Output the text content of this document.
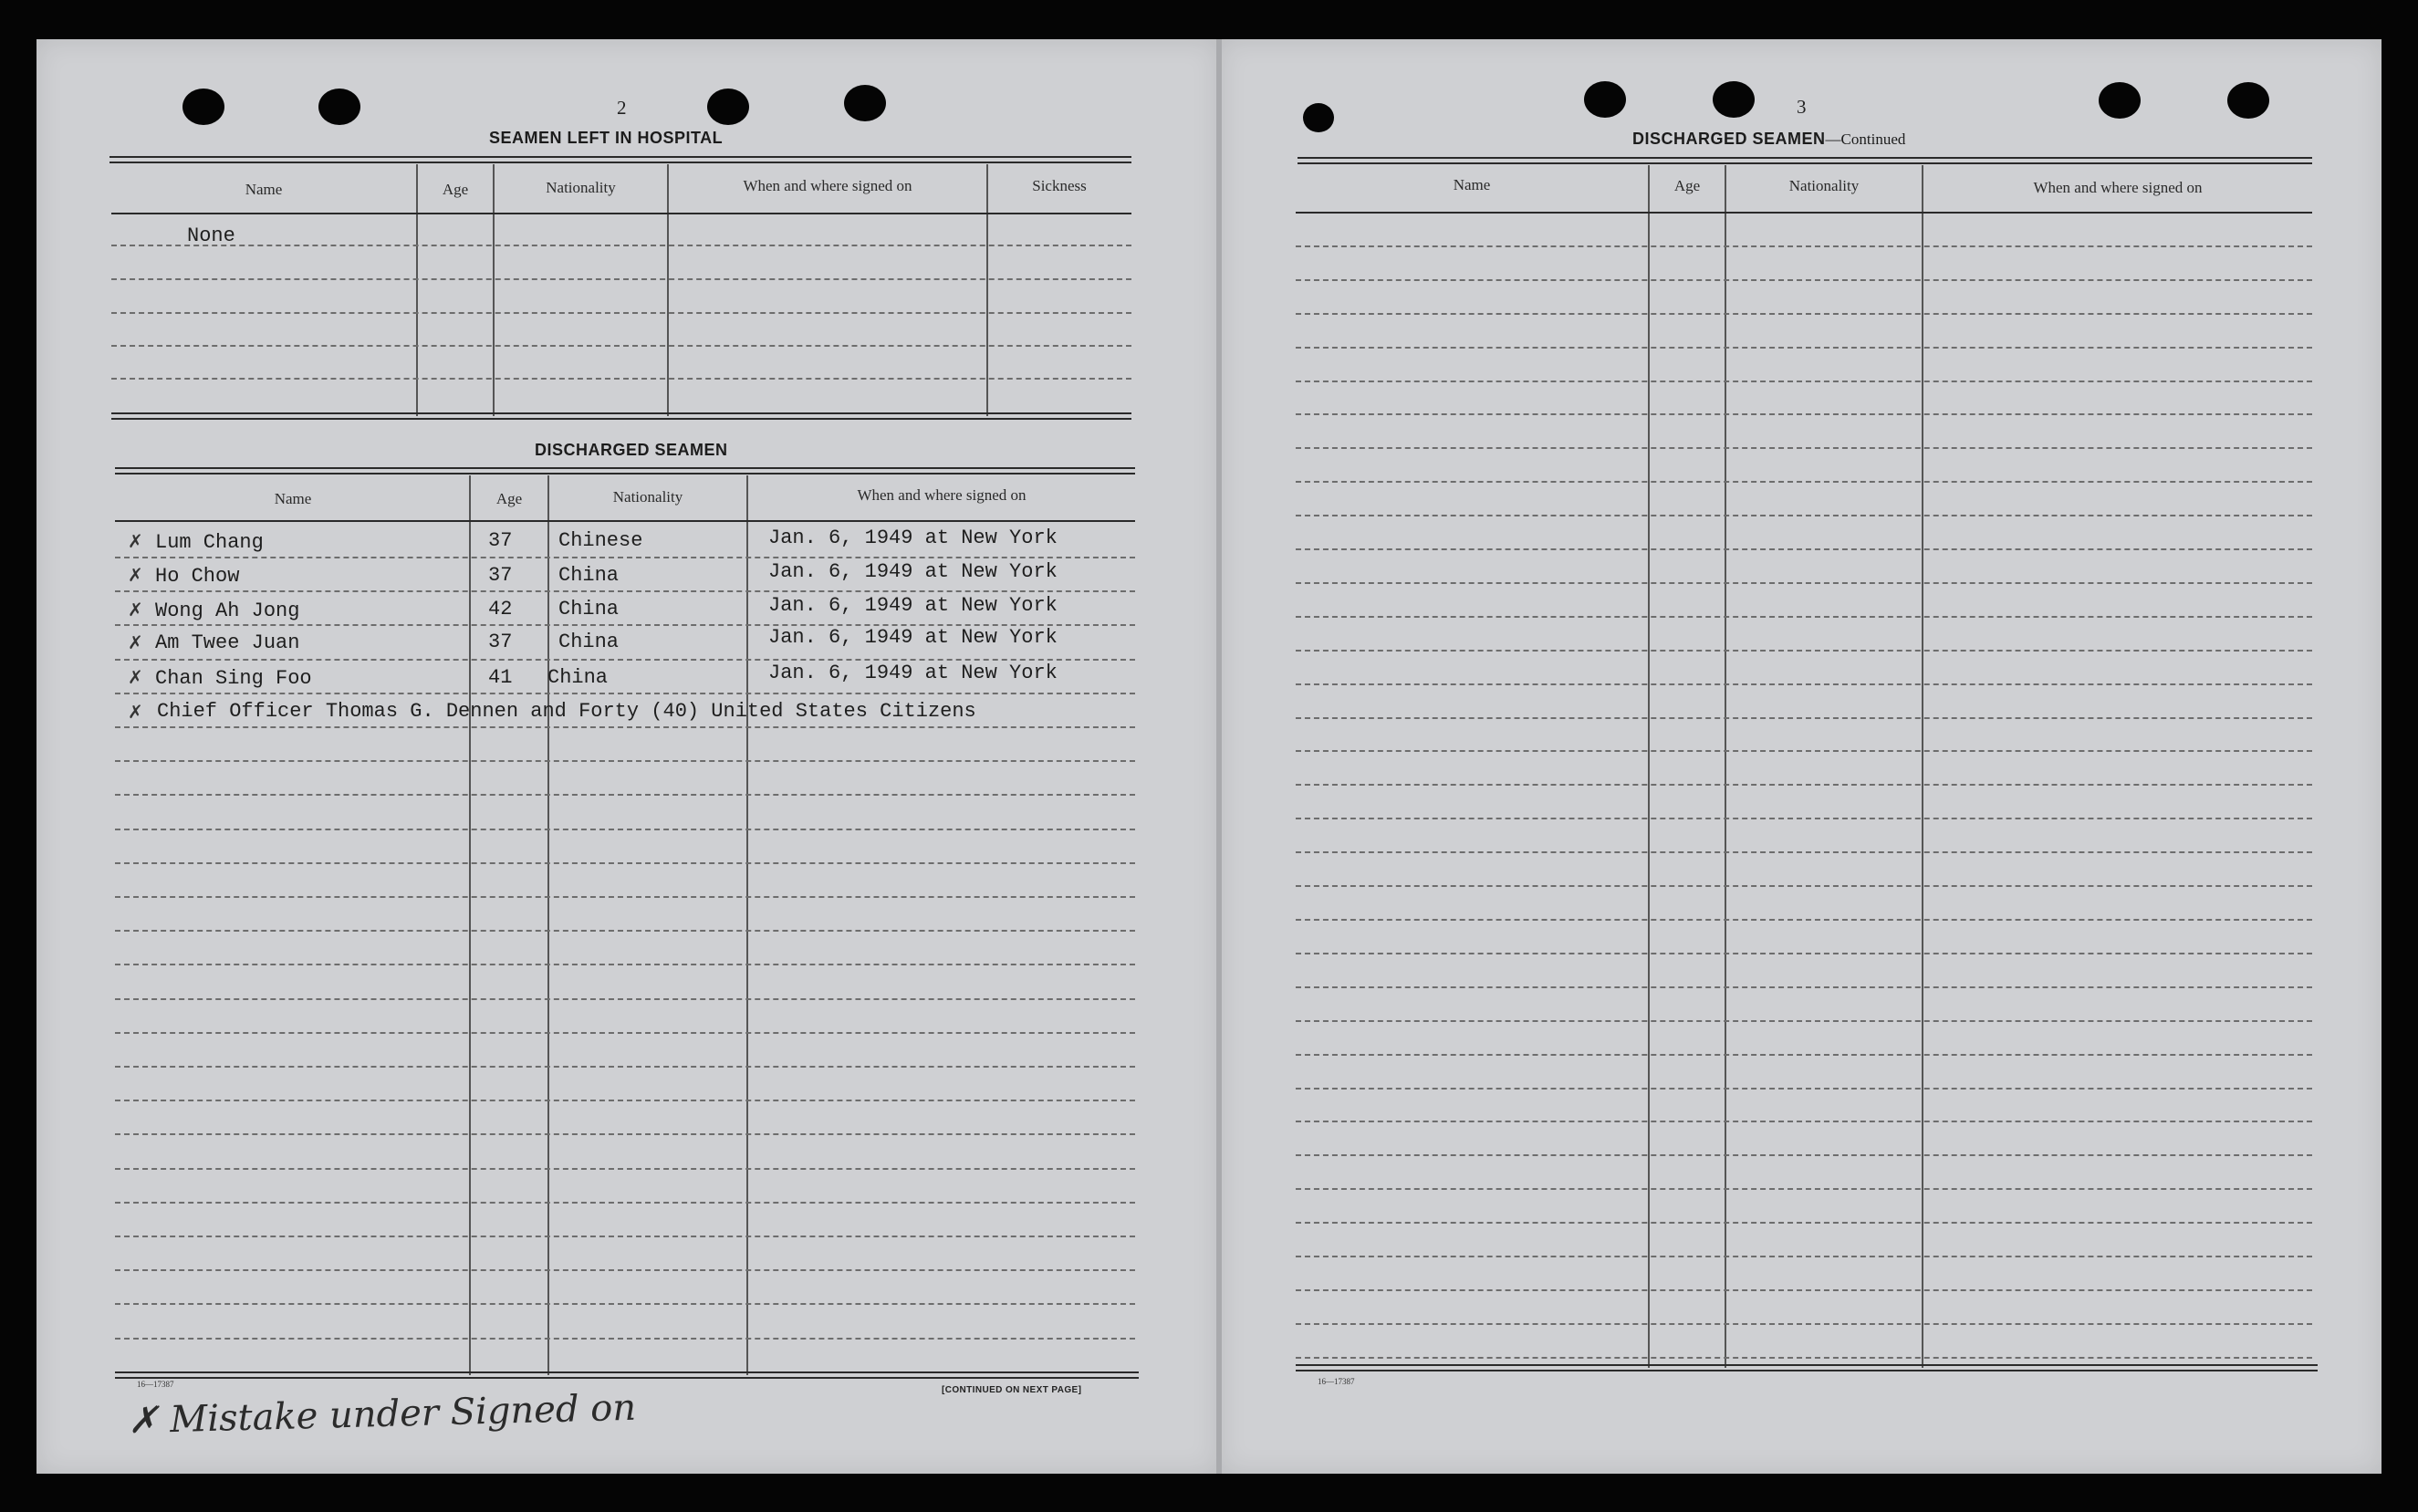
2
SEAMEN LEFT IN HOSPITAL
Name	Age	Nationality	When and where signed on	Sickness
None
DISCHARGED SEAMEN
Name	Age	Nationality	When and where signed on
✗ Lum Chang	37 Chinese	Jan. 6, 1949 at New York
✗ Ho Chow	37 China	Jan. 6, 1949 at New York
✗ Wong Ah Jong	42 China	Jan. 6, 1949 at New York
✗ Am Twee Juan	37 China	Jan. 6, 1949 at New York
✗ Chan Sing Foo	41 China	Jan. 6, 1949 at New York
✗ Chief Officer Thomas G. Dennen and Forty (40) United States Citizens
16—17387
[CONTINUED ON NEXT PAGE]
✗ Mistake under Signed on
3
DISCHARGED SEAMEN—Continued
Name	Age	Nationality	When and where signed on
16—17387
